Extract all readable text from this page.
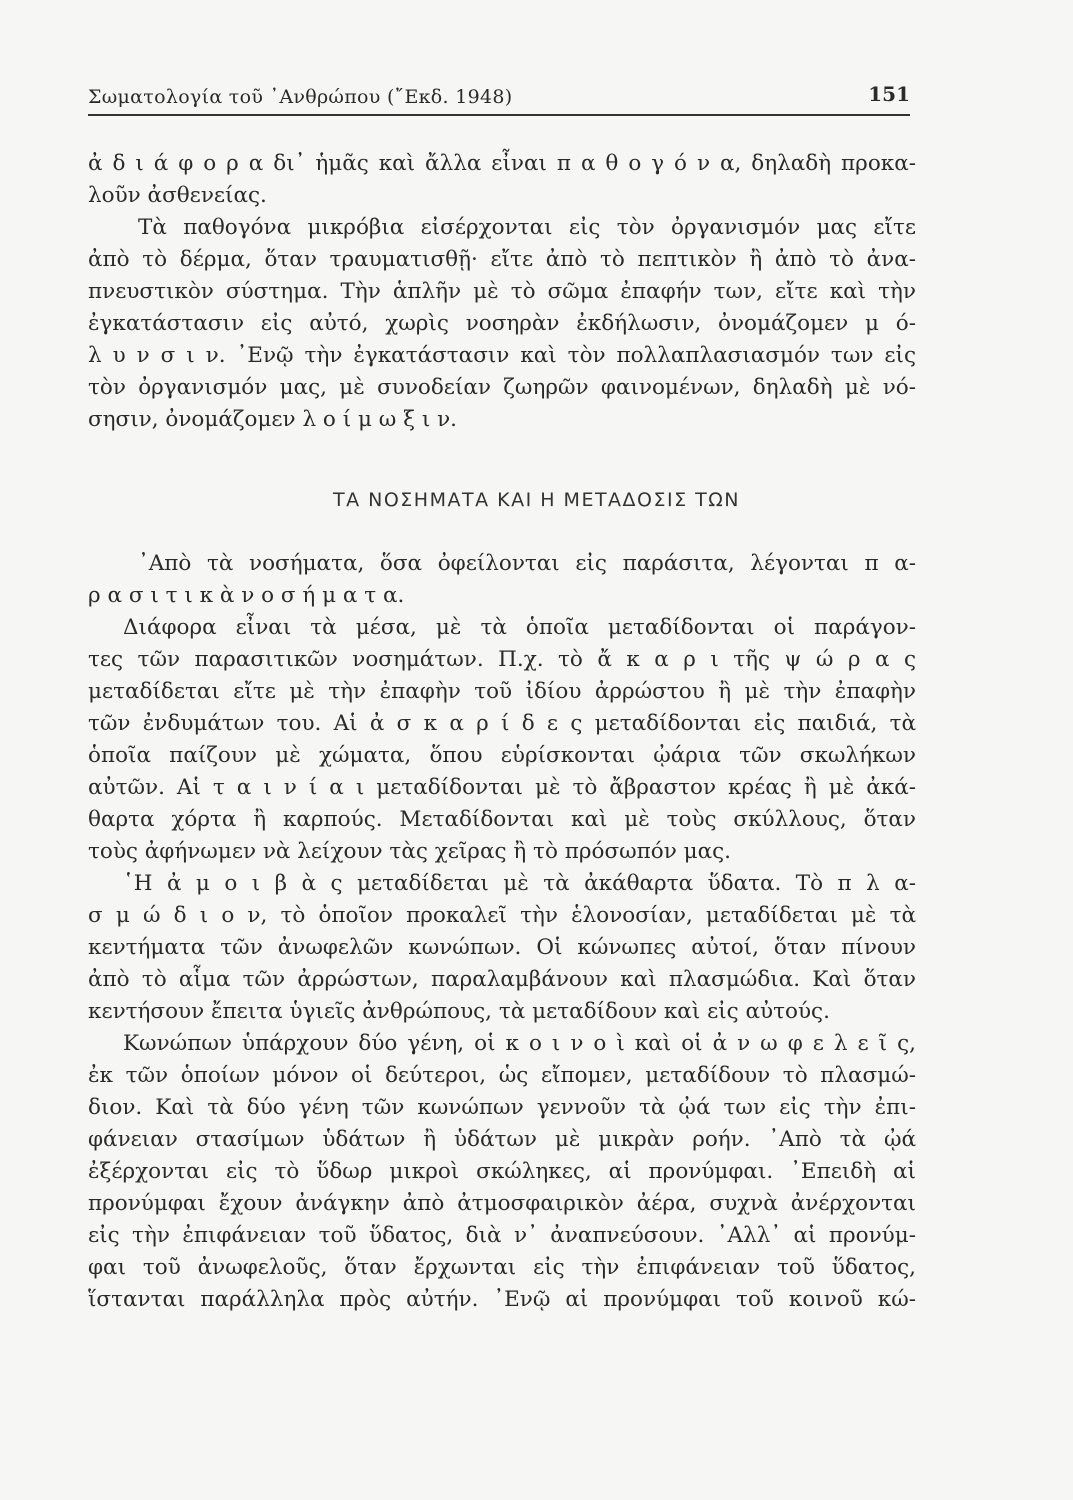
Σωματολογία τοῦ ᾿Ανθρώπου (῎Εκδ. 1948)	151
ἀ δ ι ά φ ο ρ α δι᾿ ἡμᾶς καὶ ἄλλα εἶναι π α θ ο γ ό ν α, δηλαδὴ προκα-
λοῦν ἀσθενείας.
Τὰ παθογόνα μικρόβια εἰσέρχονται εἰς τὸν ὀργανισμόν μας εἴτε
ἀπὸ τὸ δέρμα, ὅταν τραυματισθῇ· εἴτε ἀπὸ τὸ πεπτικὸν ἢ ἀπὸ τὸ ἀνα-
πνευστικὸν σύστημα. Τὴν ἁπλῆν μὲ τὸ σῶμα ἐπαφήν των, εἴτε καὶ τὴν
ἐγκατάστασιν εἰς αὐτό, χωρὶς νοσηρὰν ἐκδήλωσιν, ὀνομάζομεν μ ό-
λ υ ν σ ι ν. ᾿Ενῷ τὴν ἐγκατάστασιν καὶ τὸν πολλαπλασιασμόν των εἰς
τὸν ὀργανισμόν μας, μὲ συνοδείαν ζωηρῶν φαινομένων, δηλαδὴ μὲ νό-
σησιν, ὀνομάζομεν λ ο ί μ ω ξ ι ν.
ΤΑ ΝΟΣΗΜΑΤΑ ΚΑΙ Η ΜΕΤΑΔΟΣΙΣ ΤΩΝ
᾿Απὸ τὰ νοσήματα, ὅσα ὀφείλονται εἰς παράσιτα, λέγονται π α-
ρ α σ ι τ ι κ ὰ ν ο σ ή μ α τ α.
Διάφορα εἶναι τὰ μέσα, μὲ τὰ ὁποῖα μεταδίδονται οἱ παράγον-
τες τῶν παρασιτικῶν νοσημάτων. Π.χ. τὸ ἄ κ α ρ ι τῆς ψ ώ ρ α ς
μεταδίδεται εἴτε μὲ τὴν ἐπαφὴν τοῦ ἰδίου ἀρρώστου ἢ μὲ τὴν ἐπαφὴν
τῶν ἐνδυμάτων του. Αἱ ἀ σ κ α ρ ί δ ε ς μεταδίδονται εἰς παιδιά, τὰ
ὁποῖα παίζουν μὲ χώματα, ὅπου εὑρίσκονται ᾠάρια τῶν σκωλήκων
αὐτῶν. Αἱ τ α ι ν ί α ι μεταδίδονται μὲ τὸ ἄβραστον κρέας ἢ μὲ ἀκά-
θαρτα χόρτα ἢ καρπούς. Μεταδίδονται καὶ μὲ τοὺς σκύλλους, ὅταν
τοὺς ἀφήνωμεν νὰ λείχουν τὰς χεῖρας ἢ τὸ πρόσωπόν μας.
῾Η ἀ μ ο ι β ὰ ς μεταδίδεται μὲ τὰ ἀκάθαρτα ὕδατα. Τὸ π λ α-
σ μ ώ δ ι ο ν, τὸ ὁποῖον προκαλεῖ τὴν ἑλονοσίαν, μεταδίδεται μὲ τὰ
κεντήματα τῶν ἀνωφελῶν κωνώπων. Οἱ κώνωπες αὐτοί, ὅταν πίνουν
ἀπὸ τὸ αἷμα τῶν ἀρρώστων, παραλαμβάνουν καὶ πλασμώδια. Καὶ ὅταν
κεντήσουν ἔπειτα ὑγιεῖς ἀνθρώπους, τὰ μεταδίδουν καὶ εἰς αὐτούς.
Κωνώπων ὑπάρχουν δύο γένη, οἱ κ ο ι ν ο ὶ καὶ οἱ ἀ ν ω φ ε λ ε ῖ ς,
ἐκ τῶν ὁποίων μόνον οἱ δεύτεροι, ὡς εἴπομεν, μεταδίδουν τὸ πλασμώ-
διον. Καὶ τὰ δύο γένη τῶν κωνώπων γεννοῦν τὰ ᾠά των εἰς τὴν ἐπι-
φάνειαν στασίμων ὑδάτων ἢ ὑδάτων μὲ μικρὰν ροήν. ᾿Απὸ τὰ ᾠά
ἐξέρχονται εἰς τὸ ὕδωρ μικροὶ σκώληκες, αἱ προνύμφαι. ᾿Επειδὴ αἱ
προνύμφαι ἔχουν ἀνάγκην ἀπὸ ἀτμοσφαιρικὸν ἀέρα, συχνὰ ἀνέρχονται
εἰς τὴν ἐπιφάνειαν τοῦ ὕδατος, διὰ ν᾿ ἀναπνεύσουν. ᾿Αλλ᾿ αἱ προνύμ-
φαι τοῦ ἀνωφελοῦς, ὅταν ἔρχωνται εἰς τὴν ἐπιφάνειαν τοῦ ὕδατος,
ἵστανται παράλληλα πρὸς αὐτήν. ᾿Ενῷ αἱ προνύμφαι τοῦ κοινοῦ κώ-
